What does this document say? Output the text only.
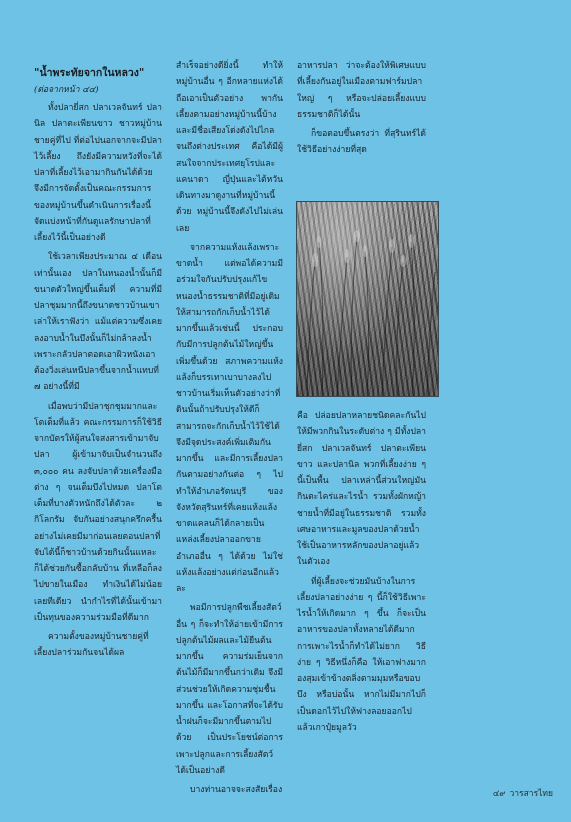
"น้ำพระทัยจากในหลวง"

(ต่อจากหน้า ๔๔)

ทั้งปลายี่สก ปลาเวลจันทร์ ปลานิล ปลาตะเพียนขาว ชาวหมู่บ้านชายคู่ที่ไป ที่ต่อไปนอกจากจะมีปลาไว้เลี้ยง ถึงยังมีความหวังที่จะได้ปลาที่เลี้ยงไว้เอามากินกันได้ด้วย จึงมีการจัดตั้งเป็นคณะกรรมการของหมู่บ้านขึ้นดำเนินการเรื่องนี้ จัดแบ่งหน้าที่กันดูแลรักษาปลาที่เลี้ยงไว้นี้เป็นอย่างดี

ใช้เวลาเพียงประมาณ ๔ เดือนเท่านั้นเอง ปลาในหนองน้ำนั้นก็มีขนาดตัวใหญ่ขึ้นเต็มที่ ความที่มีปลาชุมมากนี้ถึงขนาดชาวบ้านเขาเล่าให้เราฟังว่า แม้แต่ความซึ่งเคยลงอาบน้ำในบึงนั้นก็ไม่กล้าลงน้ำ เพราะกลัวปลาตอดเอาผิวหนังเอา ต้องวิ่งเล่นหนีปลาขึ้นจากน้ำแทบที่ ๗ อย่างนี้ที่มี

เมื่อพบว่ามีปลาชุกชุมมากและโตเต็มที่แล้ว คณะกรรมการก็ใช้วิธีจากบัตรให้ผู้สนใจสงสารเข้ามาจับปลา ผู้เข้ามาจับเป็นจำนวนถึง ๓,๐๐๐ คน ลงจับปลาด้วยเครื่องมือต่าง ๆ จนเต็มบึงไปหมด ปลาโตเต็มที่บางตัวหนักถึงได้ตัวละ ๒ กิโลกรัม จับกันอย่างสนุกครึกครื้นอย่างไม่เคยมีมาก่อนเลยตอนปลาที่จับได้นี้ก็ชาวบ้านด้วยกินนั้นแหละก็ได้ช่วยกันซื้อกลับบ้าน ที่เหลือก็ลงไปขายในเมือง ทำเงินได้ไม่น้อยเลยทีเดียว นำกำไรที่ได้นั้นเข้ามาเป็นทุนของความร่วมมือที่ดีมาก

ความตั้งของหมู่บ้านชายคู่ที่เลี้ยงปลาร่วมกันจนได้ผล

สำเร็จอย่างดียิ่งนี้ ทำให้หมู่บ้านอื่น ๆ อีกหลายแห่งได้ถือเอาเป็นตัวอย่าง พากันเลี้ยงตามอย่างหมู่บ้านนี้บ้าง และมีชื่อเสียงโด่งดังไปไกลจนถึงต่างประเทศ คือได้มีผู้สนใจจากประเทศยุโรปและแคนาดา ญี่ปุ่นและไต้หวัน เดินทางมาดูงานที่หมู่บ้านนี้ด้วย หมู่บ้านนี้จึงดังไปไม่เล่นเลย

จากความแห้งแล้งเพราะขาดน้ำ แต่พอได้ความมีอร่วมใจกันปรับปรุงแก้ไขหนองน้ำธรรมชาติที่มีอยู่เดิมให้สามารถกักเก็บน้ำไว้ได้มากขึ้นแล้วเช่นนี้ ประกอบกับมีการปลูกต้นไม้ใหญ่ขึ้นเพิ่มขึ้นด้วย สภาพความแห้งแล้งก็บรรเทาเบาบางลงไป ชาวบ้านเริ่มเห็นตัวอย่างว่าที่ดินนั้นถ้าปรับปรุงให้ดีก็สามารถจะกักเก็บน้ำไว้ใช้ได้ จึงมีจุดประสงค์เพิ่มเติมกันมากขึ้น และมีการเลี้ยงปลากันตามอย่างกันต่อ ๆ ไป ทำให้อำเภอรัตนบุรี ของจังหวัดสุรินทร์ที่เคยแห้งแล้งขาดแคลนก็ได้กลายเป็นแหล่งเลี้ยงปลาออกขายอำเภออื่น ๆ ได้ด้วย ไม่ใช่แห้งแล้งอย่างแต่ก่อนอีกแล้วละ

พอมีการปลูกพืชเลี้ยงสัตว์อื่น ๆ ก็จะทำให้อ่ายเข้ามีการปลูกต้นไม้ผลและไม้ยืนต้นมากขึ้น ความร่มเย็นจากต้นไม้ก็มีมากขึ้นกว่าเดิม จึงมีส่วนช่วยให้เกิดความชุ่มชื้นมากขึ้น และโอกาสที่จะได้รับน้ำฝนก็จะมีมากขึ้นตามไปด้วย เป็นประโยชน์ต่อการเพาะปลูกและการเลี้ยงสัตว์ได้เป็นอย่างดี

บางท่านอาจจะสงสัยเรื่อง

อาหารปลา ว่าจะต้องให้พิเศษแบบที่เลี้ยงกันอยู่ในเมืองตามฟาร์มปลาใหญ่ ๆ หรือจะปล่อยเลี้ยงแบบธรรมชาติก็ได้นั้น

ก็ขอตอบขึ้นตรงว่า ที่สุรินทร์ได้ใช้วิธีอย่างง่ายที่สุด

คือ ปล่อยปลาหลายชนิดคละกันไป ให้มีพวกกินในระดับต่าง ๆ มีทั้งปลายี่สก ปลาเวลจันทร์ ปลาตะเพียนขาว และปลานิล พวกที่เลี้ยงง่าย ๆ นี้เป็นพื้น ปลาเหล่านี้ส่วนใหญ่มันกินตะไคร่และไรน้ำ รวมทั้งผักหญ้าชายน้ำที่มีอยู่ในธรรมชาติ รวมทั้งเศษอาหารและมูลของปลาด้วยน้ำ ใช้เป็นอาหารหลักของปลาอยู่แล้วในตัวเอง

ที่ผู้เลี้ยงจะช่วยมันบ้างในการเลี้ยงปลาอย่างง่าย ๆ นี้ก็ใช้วิธีเพาะไรน้ำให้เกิดมาก ๆ ขึ้น ก็จะเป็นอาหารของปลาทั้งหลายได้ดีมาก การเพาะไรน้ำก็ทำได้ไม่ยาก วิธีง่าย ๆ วิธีหนึ่งก็คือ ให้เอาฟางมากองสุมเข้าข้างตลิ่งตามมุมหรือขอบบึง หรือบ่อนั้น หากไม่มีมากไปก็เป็นดอกไว้ไปให้ฟางลอยออกไป แล้วเกาปุ๋ยมูลวัว

๔๙ วารสารไทย
